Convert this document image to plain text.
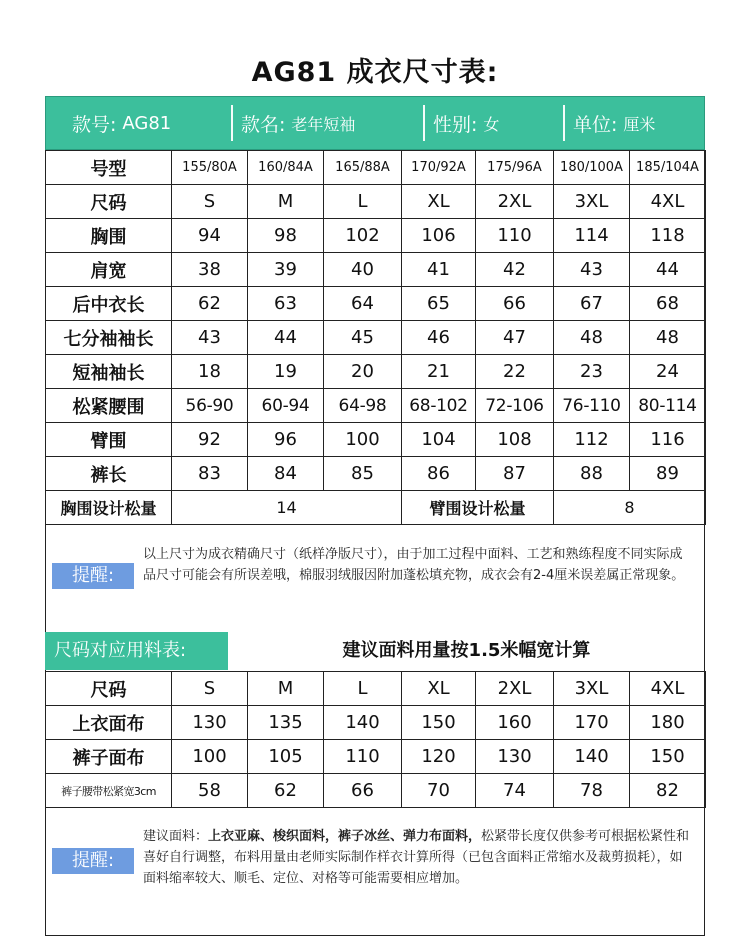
AG81 成衣尺寸表:
款号: AG81	款名: 老年短袖	性别: 女	单位: 厘米
号型	155/80A	160/84A	165/88A	170/92A	175/96A	180/100A	185/104A
尺码	S	M	L	XL	2XL	3XL	4XL
胸围	94	98	102	106	110	114	118
肩宽	38	39	40	41	42	43	44
后中衣长	62	63	64	65	66	67	68
七分袖袖长	43	44	45	46	47	48	48
短袖袖长	18	19	20	21	22	23	24
松紧腰围	56-90	60-94	64-98	68-102	72-106	76-110	80-114
臂围	92	96	100	104	108	112	116
裤长	83	84	85	86	87	88	89
胸围设计松量	14			臂围设计松量		8	
提醒:
以上尺寸为成衣精确尺寸（纸样净版尺寸），由于加工过程中面料、工艺和熟练程度不同实际成品尺寸可能会有所误差哦，棉服羽绒服因附加蓬松填充物，成衣会有2-4厘米误差属正常现象。
尺码对应用料表:	建议面料用量按1.5米幅宽计算
尺码	S	M	L	XL	2XL	3XL	4XL
上衣面布	130	135	140	150	160	170	180
裤子面布	100	105	110	120	130	140	150
裤子腰带松紧宽3cm	58	62	66	70	74	78	82
提醒:
建议面料：上衣亚麻、梭织面料，裤子冰丝、弹力布面料，松紧带长度仅供参考可根据松紧性和喜好自行调整，布料用量由老师实际制作样衣计算所得（已包含面料正常缩水及裁剪损耗），如面料缩率较大、顺毛、定位、对格等可能需要相应增加。
